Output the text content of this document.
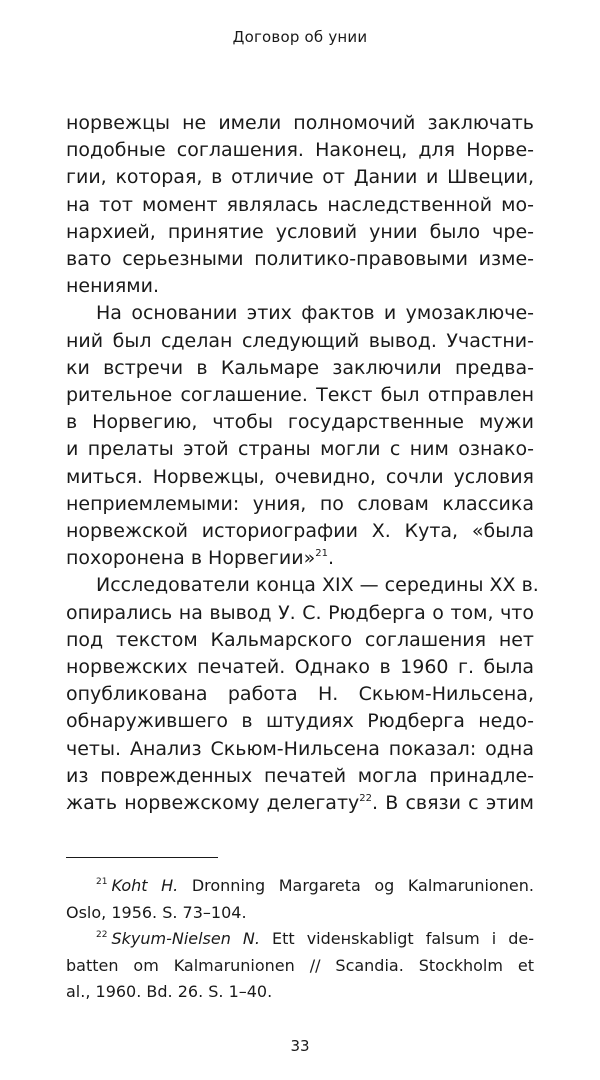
Договор об унии
норвежцы не имели полномочий заключать
подобные соглашения. Наконец, для Норве-
гии, которая, в отличие от Дании и Швеции,
на тот момент являлась наследственной мо-
нархией, принятие условий унии было чре-
вато серьезными политико-правовыми изме-
нениями.
На основании этих фактов и умозаключе-
ний был сделан следующий вывод. Участни-
ки встречи в Кальмаре заключили предва-
рительное соглашение. Текст был отправлен
в Норвегию, чтобы государственные мужи
и прелаты этой страны могли с ним ознако-
миться. Норвежцы, очевидно, сочли условия
неприемлемыми: уния, по словам классика
норвежской историографии Х. Кута, «была
похоронена в Норвегии»$^{21}$.
Исследователи конца XIX — середины XX в.
опирались на вывод У. С. Рюдберга о том, что
под текстом Кальмарского соглашения нет
норвежских печатей. Однако в 1960 г. была
опубликована работа Н. Скьюм-Нильсена,
обнаружившего в штудиях Рюдберга недо-
четы. Анализ Скьюм-Нильсена показал: одна
из поврежденных печатей могла принадле-
жать норвежскому делегату$^{22}$. В связи с этим
$^{21}$ Koht H. Dronning Margareta og Kalmarunionen.
Oslo, 1956. S. 73–104.
$^{22}$ Skyum-Nielsen N. Ett vidенskabligt falsum i de-
batten om Kalmarunionen // Scandia. Stockholm et
al., 1960. Bd. 26. S. 1–40.
33
